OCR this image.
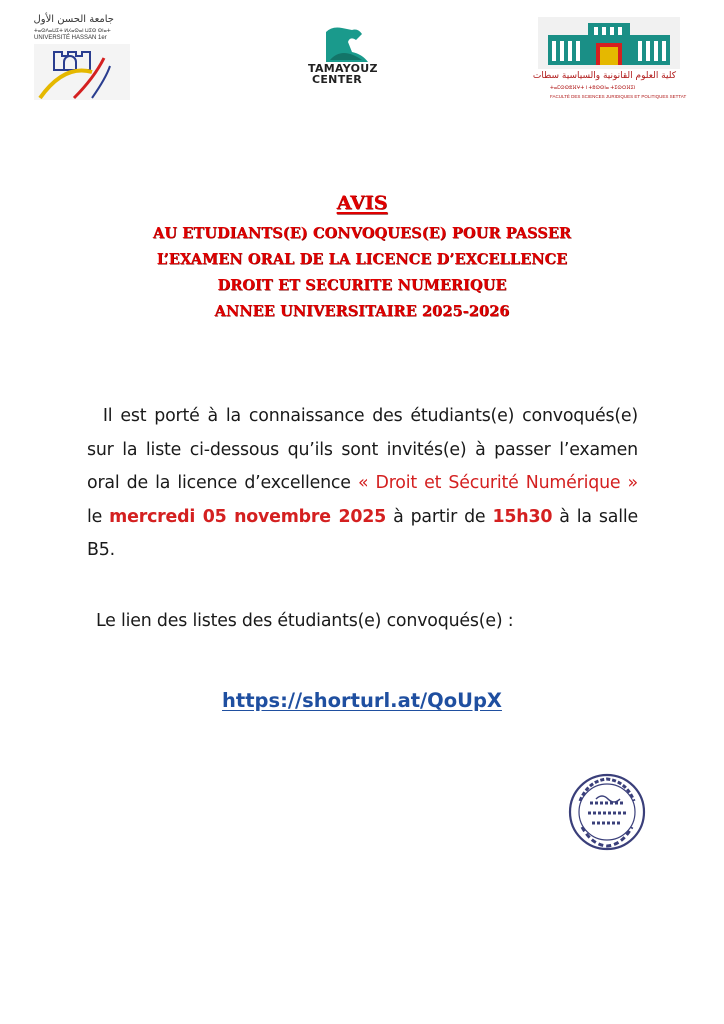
جامعة الحسن الأول
ⵜⴰⵙⴷⴰⵡⵉⵜ ⵍⵃⴰⵙⴰⵏ ⵡⵉⵙ ⵙⵏⴰⵜ
UNIVERSITÉ HASSAN 1er
TAMAYOUZ
CENTER	كلية العلوم القانونية والسياسية سطات
ⵜⴰⵎⵙⵙⵓⴼⵖⵜ ⵏ ⵜⵓⵙⵙⵏⴰ ⵜⵉⵙⵔⴼⵉⵏ
FACULTÉ DES SCIENCES JURIDIQUES ET POLITIQUES SETTAT

AVIS

AU ETUDIANTS(E) CONVOQUES(E) POUR PASSER

L’EXAMEN ORAL DE LA LICENCE D’EXCELLENCE

DROIT ET SECURITE NUMERIQUE

ANNEE UNIVERSITAIRE 2025-2026

Il est porté à la connaissance des étudiants(e) convoqués(e) sur la liste ci-dessous qu’ils sont invités(e) à passer l’examen oral de la licence d’excellence « Droit et Sécurité Numérique » le mercredi 05 novembre 2025 à partir de 15h30 à la salle B5.

Le lien des listes des étudiants(e) convoqués(e) :

https://shorturl.at/QoUpX
